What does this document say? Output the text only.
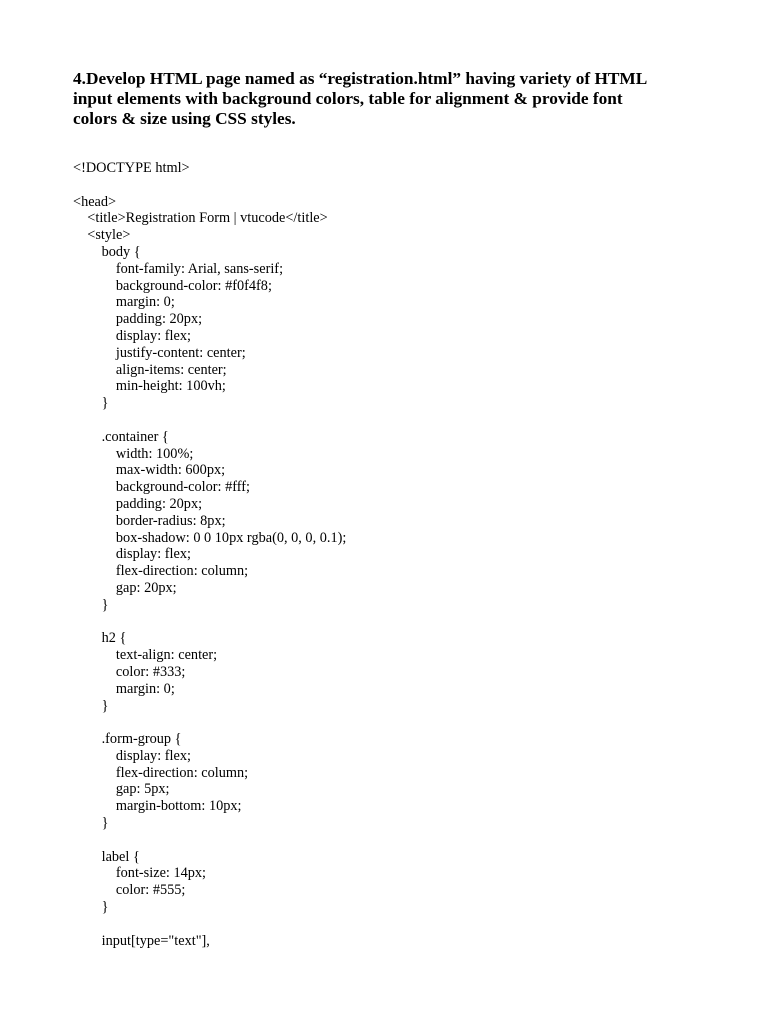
4.Develop HTML page named as “registration.html” having variety of HTML
input elements with background colors, table for alignment & provide font
colors & size using CSS styles.
<!DOCTYPE html>
<head>
<title>Registration Form | vtucode</title>
<style>
body {
font-family: Arial, sans-serif;
background-color: #f0f4f8;
margin: 0;
padding: 20px;
display: flex;
justify-content: center;
align-items: center;
min-height: 100vh;
}
.container {
width: 100%;
max-width: 600px;
background-color: #fff;
padding: 20px;
border-radius: 8px;
box-shadow: 0 0 10px rgba(0, 0, 0, 0.1);
display: flex;
flex-direction: column;
gap: 20px;
}
h2 {
text-align: center;
color: #333;
margin: 0;
}
.form-group {
display: flex;
flex-direction: column;
gap: 5px;
margin-bottom: 10px;
}
label {
font-size: 14px;
color: #555;
}
input[type="text"],
